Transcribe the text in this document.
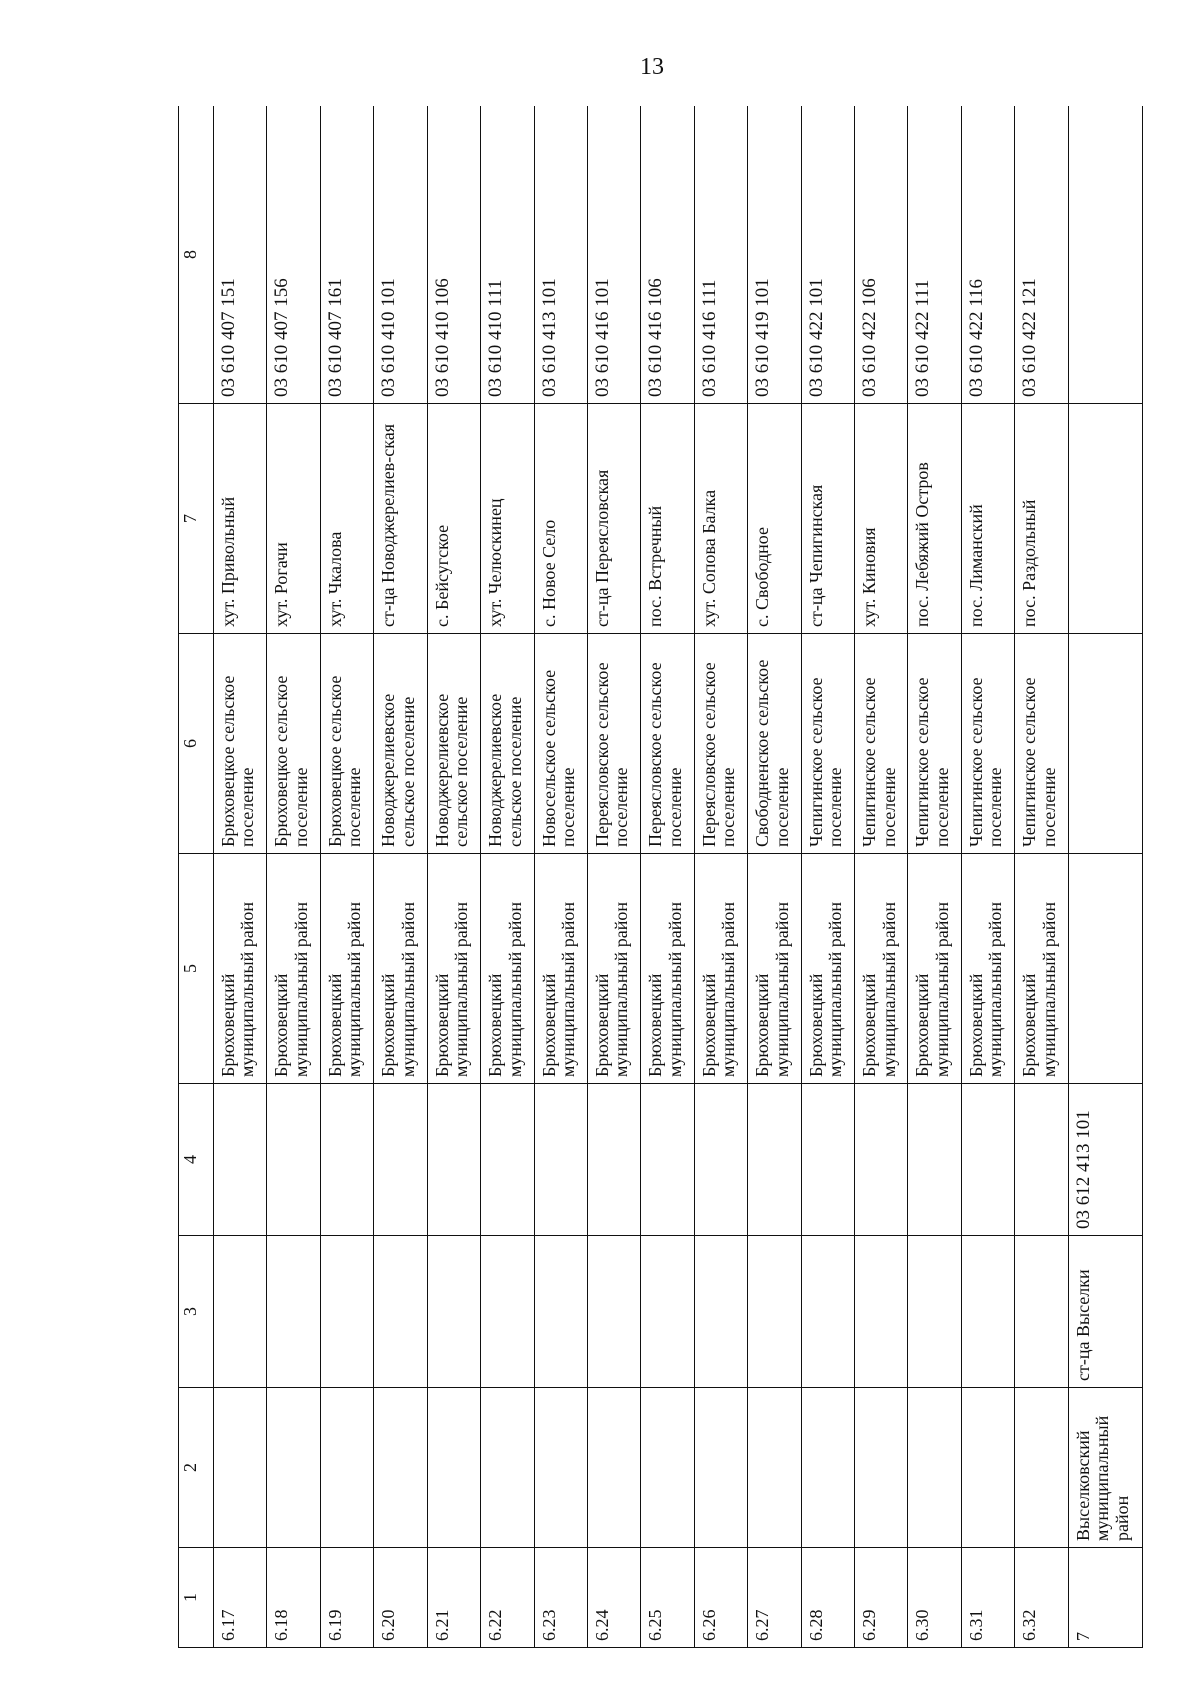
13
1	2	3	4	5	6	7	8
6.17				Брюховецкий муниципальный район	Брюховецкое сельское поселение	хут. Привольный	03 610 407 151
6.18				Брюховецкий муниципальный район	Брюховецкое сельское поселение	хут. Рогачи	03 610 407 156
6.19				Брюховецкий муниципальный район	Брюховецкое сельское поселение	хут. Чкалова	03 610 407 161
6.20				Брюховецкий муниципальный район	Новоджерелиевское сельское поселение	ст-ца Новоджерелиев-ская	03 610 410 101
6.21				Брюховецкий муниципальный район	Новоджерелиевское сельское поселение	с. Бейсугское	03 610 410 106
6.22				Брюховецкий муниципальный район	Новоджерелиевское сельское поселение	хут. Челюскинец	03 610 410 111
6.23				Брюховецкий муниципальный район	Новосельское сельское поселение	с. Новое Село	03 610 413 101
6.24				Брюховецкий муниципальный район	Переясловское сельское поселение	ст-ца Переясловская	03 610 416 101
6.25				Брюховецкий муниципальный район	Переясловское сельское поселение	пос. Встречный	03 610 416 106
6.26				Брюховецкий муниципальный район	Переясловское сельское поселение	хут. Сопова Балка	03 610 416 111
6.27				Брюховецкий муниципальный район	Свободненское сельское поселение	с. Свободное	03 610 419 101
6.28				Брюховецкий муниципальный район	Чепигинское сельское поселение	ст-ца Чепигинская	03 610 422 101
6.29				Брюховецкий муниципальный район	Чепигинское сельское поселение	хут. Киновия	03 610 422 106
6.30				Брюховецкий муниципальный район	Чепигинское сельское поселение	пос. Лебяжий Остров	03 610 422 111
6.31				Брюховецкий муниципальный район	Чепигинское сельское поселение	пос. Лиманский	03 610 422 116
6.32				Брюховецкий муниципальный район	Чепигинское сельское поселение	пос. Раздольный	03 610 422 121
7	Выселковский муниципальный район	ст-ца Выселки	03 612 413 101				
